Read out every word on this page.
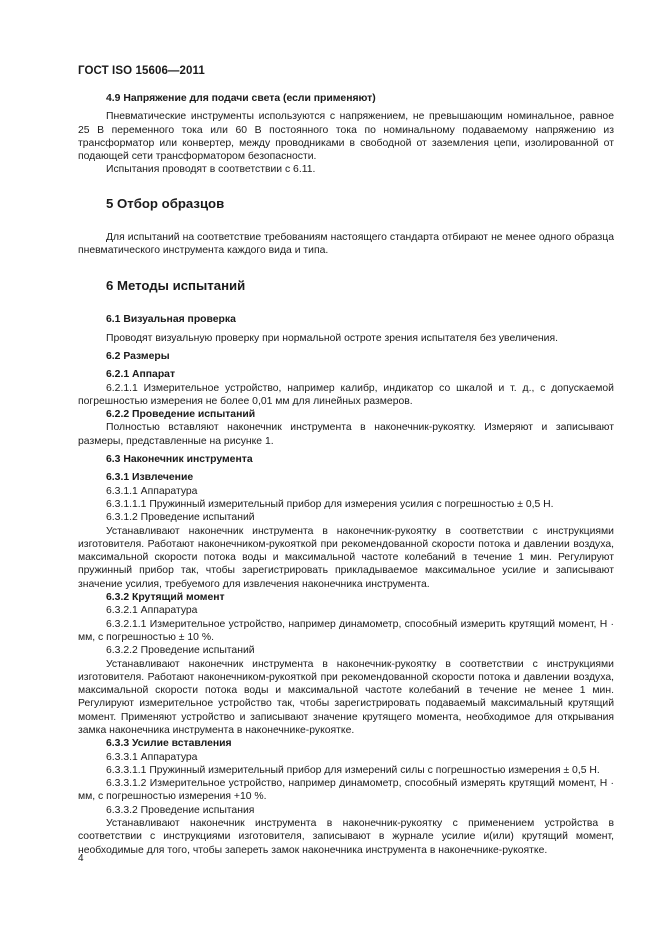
ГОСТ ISO 15606—2011

4.9 Напряжение для подачи света (если применяют)

Пневматические инструменты используются с напряжением, не превышающим номинальное, равное 25 В переменного тока или 60 В постоянного тока по номинальному подаваемому напряжению из трансформатор или конвертер, между проводниками в свободной от заземления цепи, изолированной от подающей сети трансформатором безопасности.

Испытания проводят в соответствии с 6.11.

5 Отбор образцов

Для испытаний на соответствие требованиям настоящего стандарта отбирают не менее одного образца пневматического инструмента каждого вида и типа.

6 Методы испытаний

6.1 Визуальная проверка

Проводят визуальную проверку при нормальной остроте зрения испытателя без увеличения.

6.2 Размеры

6.2.1 Аппарат

6.2.1.1 Измерительное устройство, например калибр, индикатор со шкалой и т. д., с допускаемой погрешностью измерения не более 0,01 мм для линейных размеров.

6.2.2 Проведение испытаний

Полностью вставляют наконечник инструмента в наконечник-рукоятку. Измеряют и записывают размеры, представленные на рисунке 1.

6.3 Наконечник инструмента

6.3.1 Извлечение

6.3.1.1 Аппаратура

6.3.1.1.1 Пружинный измерительный прибор для измерения усилия с погрешностью ± 0,5 Н.

6.3.1.2 Проведение испытаний

Устанавливают наконечник инструмента в наконечник-рукоятку в соответствии с инструкциями изготовителя. Работают наконечником-рукояткой при рекомендованной скорости потока и давлении воздуха, максимальной скорости потока воды и максимальной частоте колебаний в течение 1 мин. Регулируют пружинный прибор так, чтобы зарегистрировать прикладываемое максимальное усилие и записывают значение усилия, требуемого для извлечения наконечника инструмента.

6.3.2 Крутящий момент

6.3.2.1 Аппаратура

6.3.2.1.1 Измерительное устройство, например динамометр, способный измерить крутящий момент, Н · мм, с погрешностью ± 10 %.

6.3.2.2 Проведение испытаний

Устанавливают наконечник инструмента в наконечник-рукоятку в соответствии с инструкциями изготовителя. Работают наконечником-рукояткой при рекомендованной скорости потока и давлении воздуха, максимальной скорости потока воды и максимальной частоте колебаний в течение не менее 1 мин. Регулируют измерительное устройство так, чтобы зарегистрировать подаваемый максимальный крутящий момент. Применяют устройство и записывают значение крутящего момента, необходимое для открывания замка наконечника инструмента в наконечнике-рукоятке.

6.3.3 Усилие вставления

6.3.3.1 Аппаратура

6.3.3.1.1 Пружинный измерительный прибор для измерений силы с погрешностью измерения ± 0,5 Н.

6.3.3.1.2 Измерительное устройство, например динамометр, способный измерять крутящий момент, Н · мм, с погрешностью измерения +10 %.

6.3.3.2 Проведение испытания

Устанавливают наконечник инструмента в наконечник-рукоятку с применением устройства в соответствии с инструкциями изготовителя, записывают в журнале усилие и(или) крутящий момент, необходимые для того, чтобы запереть замок наконечника инструмента в наконечнике-рукоятке.

4
